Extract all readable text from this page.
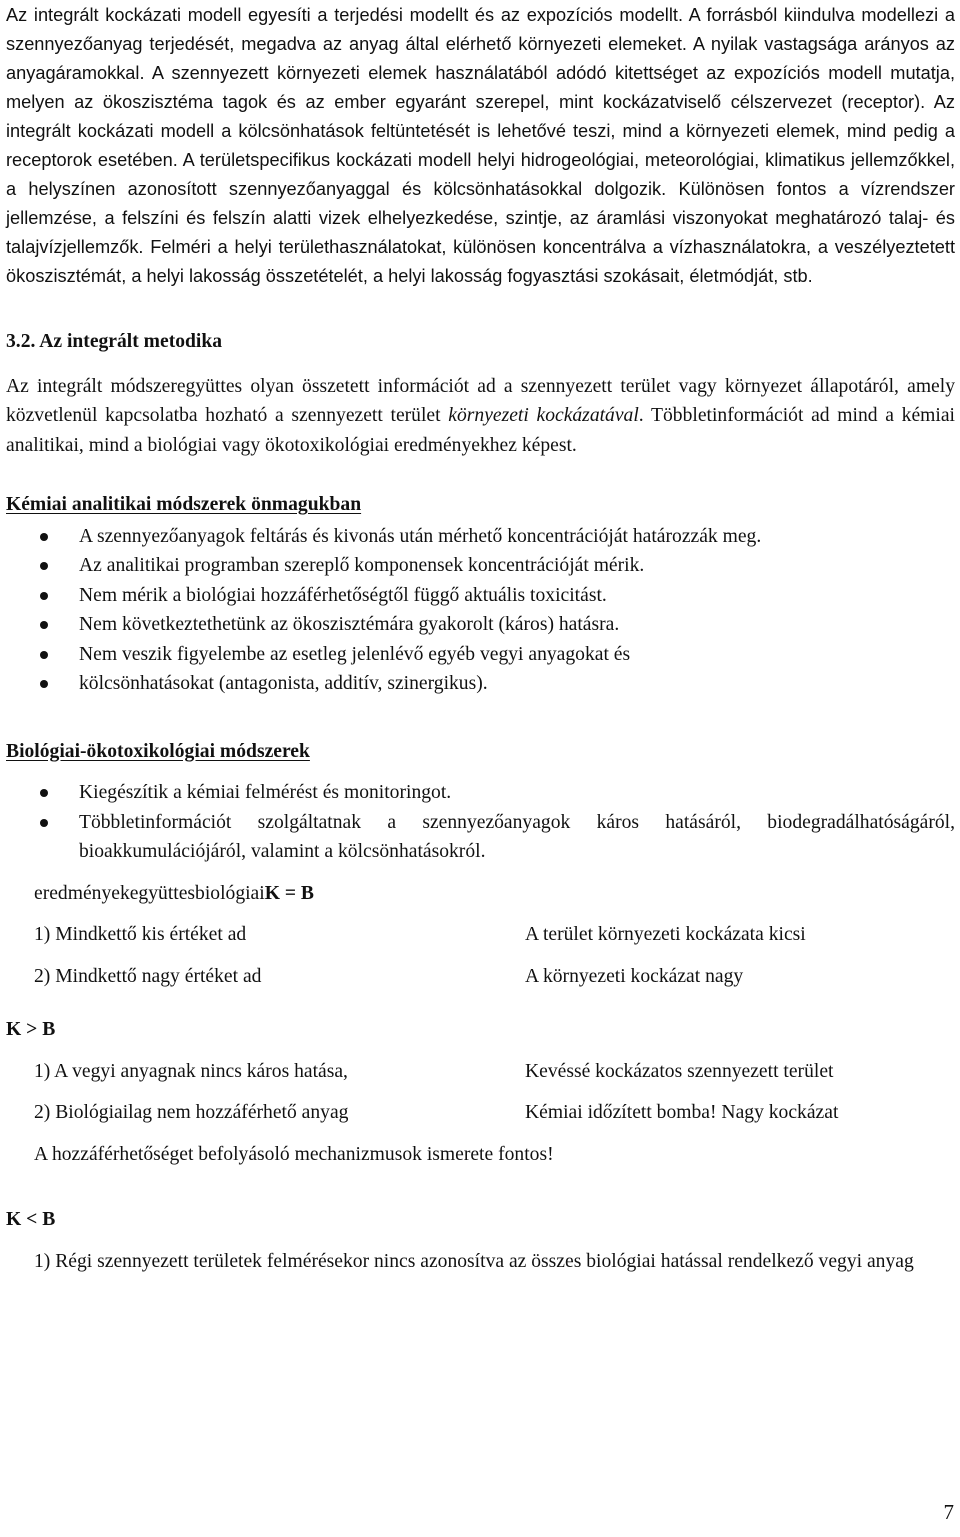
Az integrált kockázati modell egyesíti a terjedési modellt és az expozíciós modellt. A forrásból kiindulva modellezi a szennyezőanyag terjedését, megadva az anyag által elérhető környezeti elemeket. A nyilak vastagsága arányos az anyagáramokkal. A szennyezett környezeti elemek használatából adódó kitettséget az expozíciós modell mutatja, melyen az ökoszisztéma tagok és az ember egyaránt szerepel, mint kockázatviselő célszervezet (receptor). Az integrált kockázati modell a kölcsönhatások feltüntetését is lehetővé teszi, mind a környezeti elemek, mind pedig a receptorok esetében. A területspecifikus kockázati modell helyi hidrogeológiai, meteorológiai, klimatikus jellemzőkkel, a helyszínen azonosított szennyezőanyaggal és kölcsönhatásokkal dolgozik. Különösen fontos a vízrendszer jellemzése, a felszíni és felszín alatti vizek elhelyezkedése, szintje, az áramlási viszonyokat meghatározó talaj- és talajvízjellemzők. Felméri a helyi területhasználatokat, különösen koncentrálva a vízhasználatokra, a veszélyeztetett ökoszisztémát, a helyi lakosság összetételét, a helyi lakosság fogyasztási szokásait, életmódját, stb.

3.2. Az integrált metodika

Az integrált módszeregyüttes olyan összetett információt ad a szennyezett terület vagy környezet állapotáról, amely közvetlenül kapcsolatba hozható a szennyezett terület környezeti kockázatával. Többletinformációt ad mind a kémiai analitikai, mind a biológiai vagy ökotoxikológiai eredményekhez képest.

Kémiai analitikai módszerek önmagukban
A szennyezőanyagok feltárás és kivonás után mérhető koncentrációját határozzák meg.
Az analitikai programban szereplő komponensek koncentrációját mérik.
Nem mérik a biológiai hozzáférhetőségtől függő aktuális toxicitást.
Nem következtethetünk az ökoszisztémára gyakorolt (káros) hatásra.
Nem veszik figyelembe az esetleg jelenlévő egyéb vegyi anyagokat és
kölcsönhatásokat (antagonista, additív, szinergikus).
Biológiai-ökotoxikológiai módszerek
Kiegészítik a kémiai felmérést és monitoringot.
Többletinformációt szolgáltatnak a szennyezőanyagok káros hatásáról, biodegradálhatóságáról, bioakkumulációjáról, valamint a kölcsönhatásokról.

eredményekegyüttesbiológiaiK = B

1) Mindkettő kis értéket ad	A terület környezeti kockázata kicsi
2) Mindkettő nagy értéket ad	A környezeti kockázat nagy

K > B

1) A vegyi anyagnak nincs káros hatása,	Kevéssé kockázatos szennyezett terület
2) Biológiailag nem hozzáférhető anyag	Kémiai időzített bomba! Nagy kockázat

A hozzáférhetőséget befolyásoló mechanizmusok ismerete fontos!

K < B

1) Régi szennyezett területek felmérésekor nincs azonosítva az összes biológiai hatással rendelkező vegyi anyag

7
